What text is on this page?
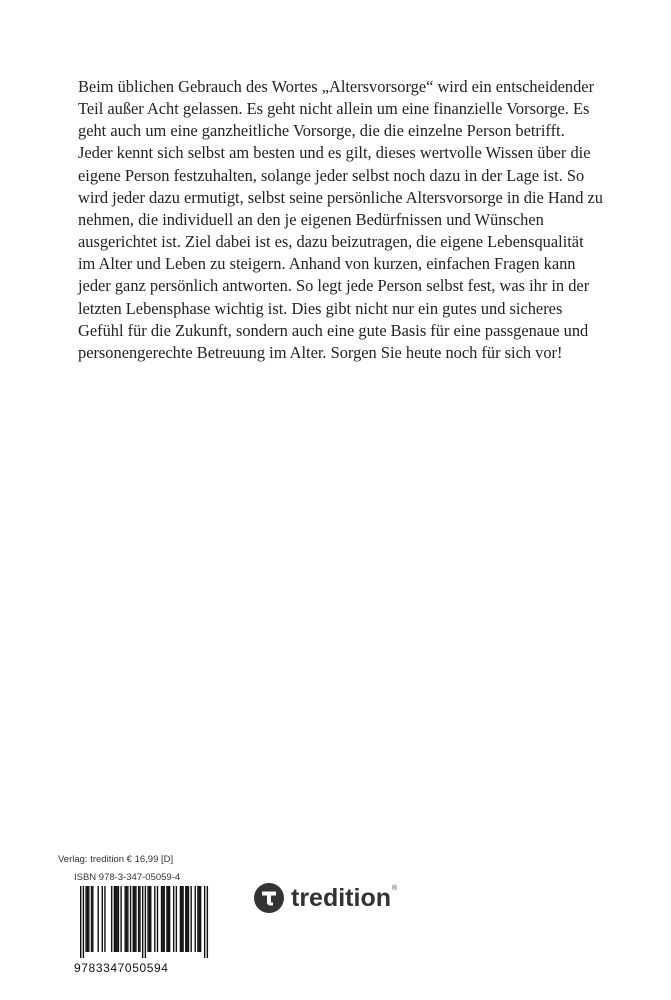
Beim üblichen Gebrauch des Wortes „Altersvorsorge“ wird ein entscheidender
Teil außer Acht gelassen. Es geht nicht allein um eine finanzielle Vorsorge. Es
geht auch um eine ganzheitliche Vorsorge, die die einzelne Person betrifft.
Jeder kennt sich selbst am besten und es gilt, dieses wertvolle Wissen über die
eigene Person festzuhalten, solange jeder selbst noch dazu in der Lage ist. So
wird jeder dazu ermutigt, selbst seine persönliche Altersvorsorge in die Hand zu
nehmen, die individuell an den je eigenen Bedürfnissen und Wünschen
ausgerichtet ist. Ziel dabei ist es, dazu beizutragen, die eigene Lebensqualität
im Alter und Leben zu steigern. Anhand von kurzen, einfachen Fragen kann
jeder ganz persönlich antworten. So legt jede Person selbst fest, was ihr in der
letzten Lebensphase wichtig ist. Dies gibt nicht nur ein gutes und sicheres
Gefühl für die Zukunft, sondern auch eine gute Basis für eine passgenaue und
personengerechte Betreuung im Alter. Sorgen Sie heute noch für sich vor!

Verlag: tredition € 16,99 [D]
ISBN 978-3-347-05059-4
9783347050594
tredition ®
